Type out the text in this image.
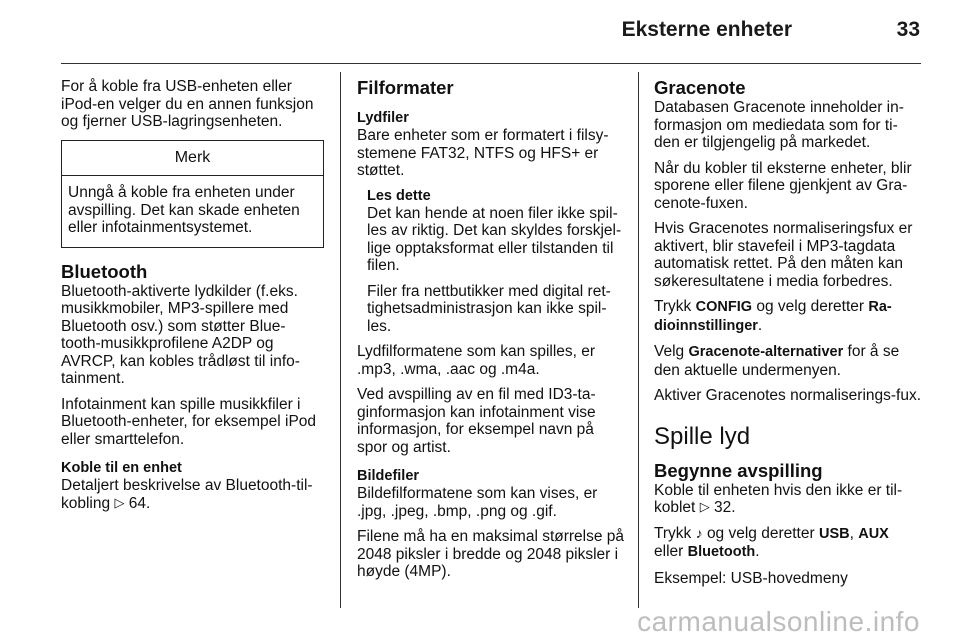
Eksterne enheter	33

For å koble fra USB-enheten eller iPod-en velger du en annen funksjon og fjerner USB-lagringsenheten.

Merk
Unngå å koble fra enheten under avspilling. Det kan skade enheten eller infotainmentsystemet.
Bluetooth

Bluetooth-aktiverte lydkilder (f.eks. musikkmobiler, MP3-spillere med Bluetooth osv.) som støtter Blue-tooth-musikkprofilene A2DP og AVRCP, kan kobles trådløst til info-tainment.

Infotainment kan spille musikkfiler i Bluetooth-enheter, for eksempel iPod eller smarttelefon.

Koble til en enhet

Detaljert beskrivelse av Bluetooth-til-kobling ▷ 64.

Filformater
Lydfiler

Bare enheter som er formatert i filsy-stemene FAT32, NTFS og HFS+ er støttet.

Les dette

Det kan hende at noen filer ikke spil-les av riktig. Det kan skyldes forskjel-lige opptaksformat eller tilstanden til filen.

Filer fra nettbutikker med digital ret-tighetsadministrasjon kan ikke spil-les.

Lydfilformatene som kan spilles, er .mp3, .wma, .aac og .m4a.

Ved avspilling av en fil med ID3-ta-ginformasjon kan infotainment vise informasjon, for eksempel navn på spor og artist.

Bildefiler

Bildefilformatene som kan vises, er .jpg, .jpeg, .bmp, .png og .gif.

Filene må ha en maksimal størrelse på 2048 piksler i bredde og 2048 piksler i høyde (4MP).

Gracenote

Databasen Gracenote inneholder in-formasjon om mediedata som for ti-den er tilgjengelig på markedet.

Når du kobler til eksterne enheter, blir sporene eller filene gjenkjent av Gra-cenote-fuxen.

Hvis Gracenotes normaliseringsfux er aktivert, blir stavefeil i MP3-tagdata automatisk rettet. På den måten kan søkeresultatene i media forbedres.

Trykk CONFIG og velg deretter Ra-dioinnstillinger.

Velg Gracenote-alternativer for å se den aktuelle undermenyen.

Aktiver Gracenotes normaliserings-fux.

Spille lyd
Begynne avspilling

Koble til enheten hvis den ikke er til-koblet ▷ 32.

Trykk ♪ og velg deretter USB, AUX eller Bluetooth.

Eksempel: USB-hovedmeny

carmanualsonline.info
